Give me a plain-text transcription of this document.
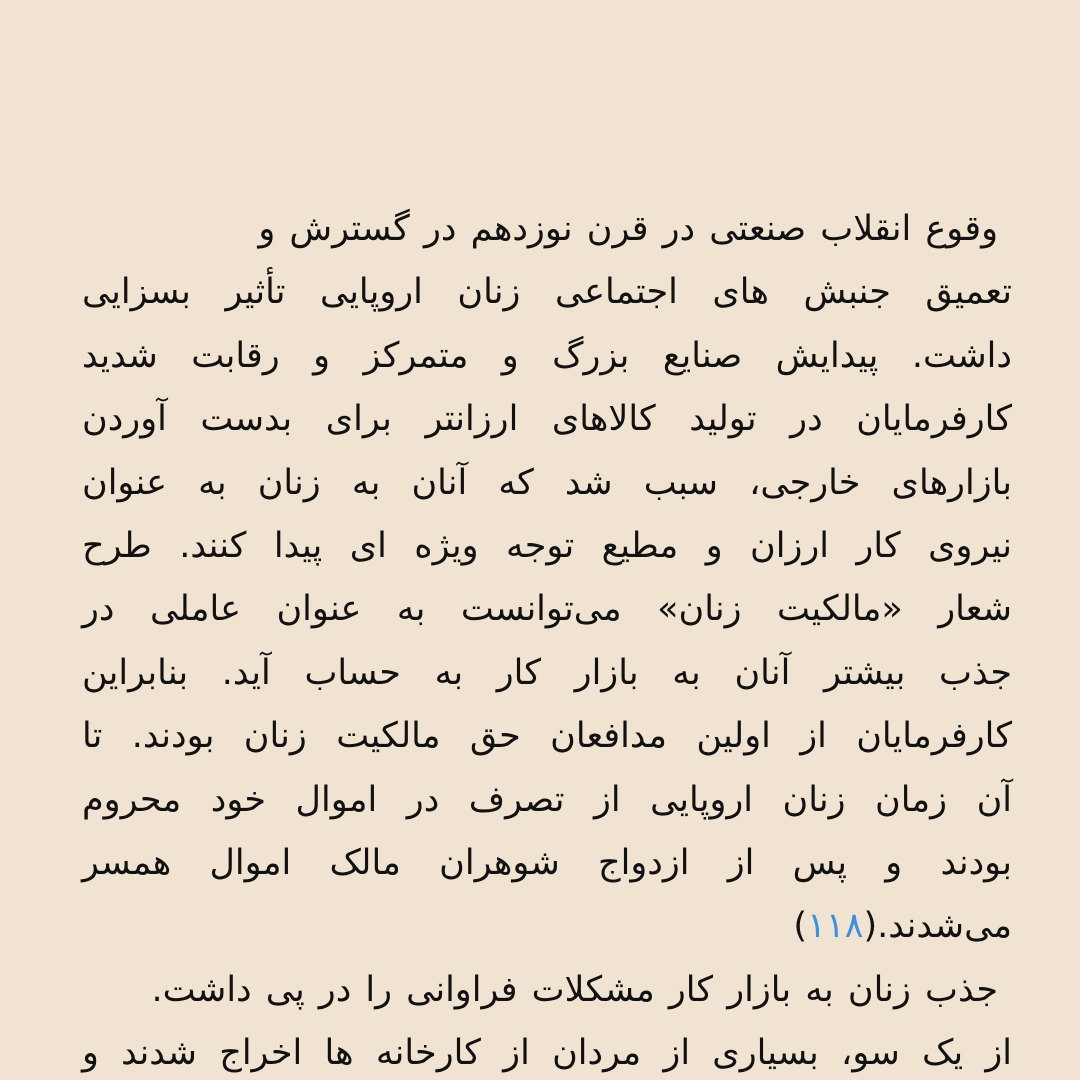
وقوع انقلاب صنعتی در قرن نوزدهم در گسترش و
تعمیق جنبش های اجتماعی زنان اروپایی تأثیر بسزایی
داشت. پیدایش صنایع بزرگ و متمرکز و رقابت شدید
کارفرمایان در تولید کالاهای ارزانتر برای بدست آوردن
بازارهای خارجی، سبب شد که آنان به زنان به عنوان
نیروی کار ارزان و مطیع توجه ویژه ای پیدا کنند. طرح
شعار «مالکیت زنان» می‌توانست به عنوان عاملی در
جذب بیشتر آنان به بازار کار به حساب آید. بنابراین
کارفرمایان از اولین مدافعان حق مالکیت زنان بودند. تا
آن زمان زنان اروپایی از تصرف در اموال خود محروم
بودند و پس از ازدواج شوهران مالک اموال همسر
می‌شدند.(۱۱۸)
جذب زنان به بازار کار مشکلات فراوانی را در پی داشت.
از یک سو، بسیاری از مردان از کارخانه ها اخراج شدند و
